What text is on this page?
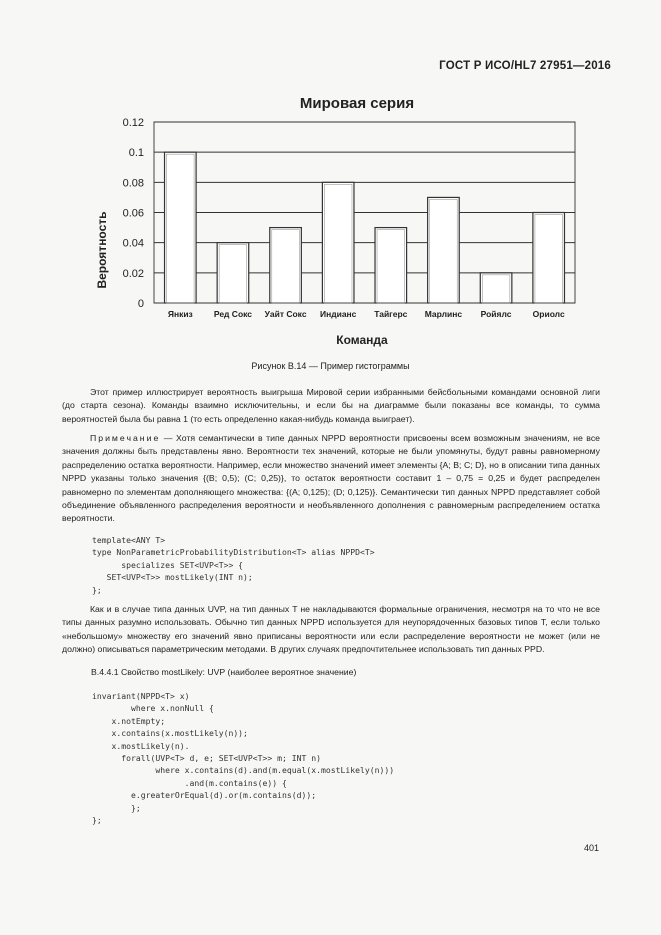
ГОСТ Р ИСО/HL7 27951—2016
Мировая серия
Вероятность
Команда
0
0.02
0.04
0.06
0.08
0.1
0.12
Янкиз Ред Сокс Уайт Сокс Индианс Тайгерс Марлинс Ройялс Ориолс
Рисунок В.14 — Пример гистограммы

Этот пример иллюстрирует вероятность выигрыша Мировой серии избранными бейсбольными командами основной лиги (до старта сезона). Команды взаимно исключительны, и если бы на диаграмме были показаны все команды, то сумма вероятностей была бы равна 1 (то есть определенно какая-нибудь команда выиграет).

Примечание — Хотя семантически в типе данных NPPD вероятности присвоены всем возможным значениям, не все значения должны быть представлены явно. Вероятности тех значений, которые не были упомянуты, будут равны равномерному распределению остатка вероятности. Например, если множество значений имеет элементы {A; B; C; D}, но в описании типа данных NPPD указаны только значения {(B; 0,5); (C; 0,25)}, то остаток вероятности составит 1 – 0,75 = 0,25 и будет распределен равномерно по элементам дополняющего множества: {(A; 0,125); (D; 0,125)}. Семантически тип данных NPPD представляет собой объединение объявленного распределения вероятности и необъявленного дополнения с равномерным распределением остатка вероятности.

template<ANY T>
type NonParametricProbabilityDistribution<T> alias NPPD<T>
specializes SET<UVP<T>> {
SET<UVP<T>> mostLikely(INT n);
};

Как и в случае типа данных UVP, на тип данных T не накладываются формальные ограничения, несмотря на то что не все типы данных разумно использовать. Обычно тип данных NPPD используется для неупорядоченных базовых типов T, если только «небольшому» множеству его значений явно приписаны вероятности или если распределение вероятности не может (или не должно) описываться параметрическим методами. В других случаях предпочтительнее использовать тип данных PPD.

В.4.4.1 Свойство mostLikely: UVP (наиболее вероятное значение)
invariant(NPPD<T> x)
where x.nonNull {
x.notEmpty;
x.contains(x.mostLikely(n));
x.mostLikely(n).
forall(UVP<T> d, e; SET<UVP<T>> m; INT n)
where x.contains(d).and(m.equal(x.mostLikely(n)))
.and(m.contains(e)) {
e.greaterOrEqual(d).or(m.contains(d));
};
};
401
